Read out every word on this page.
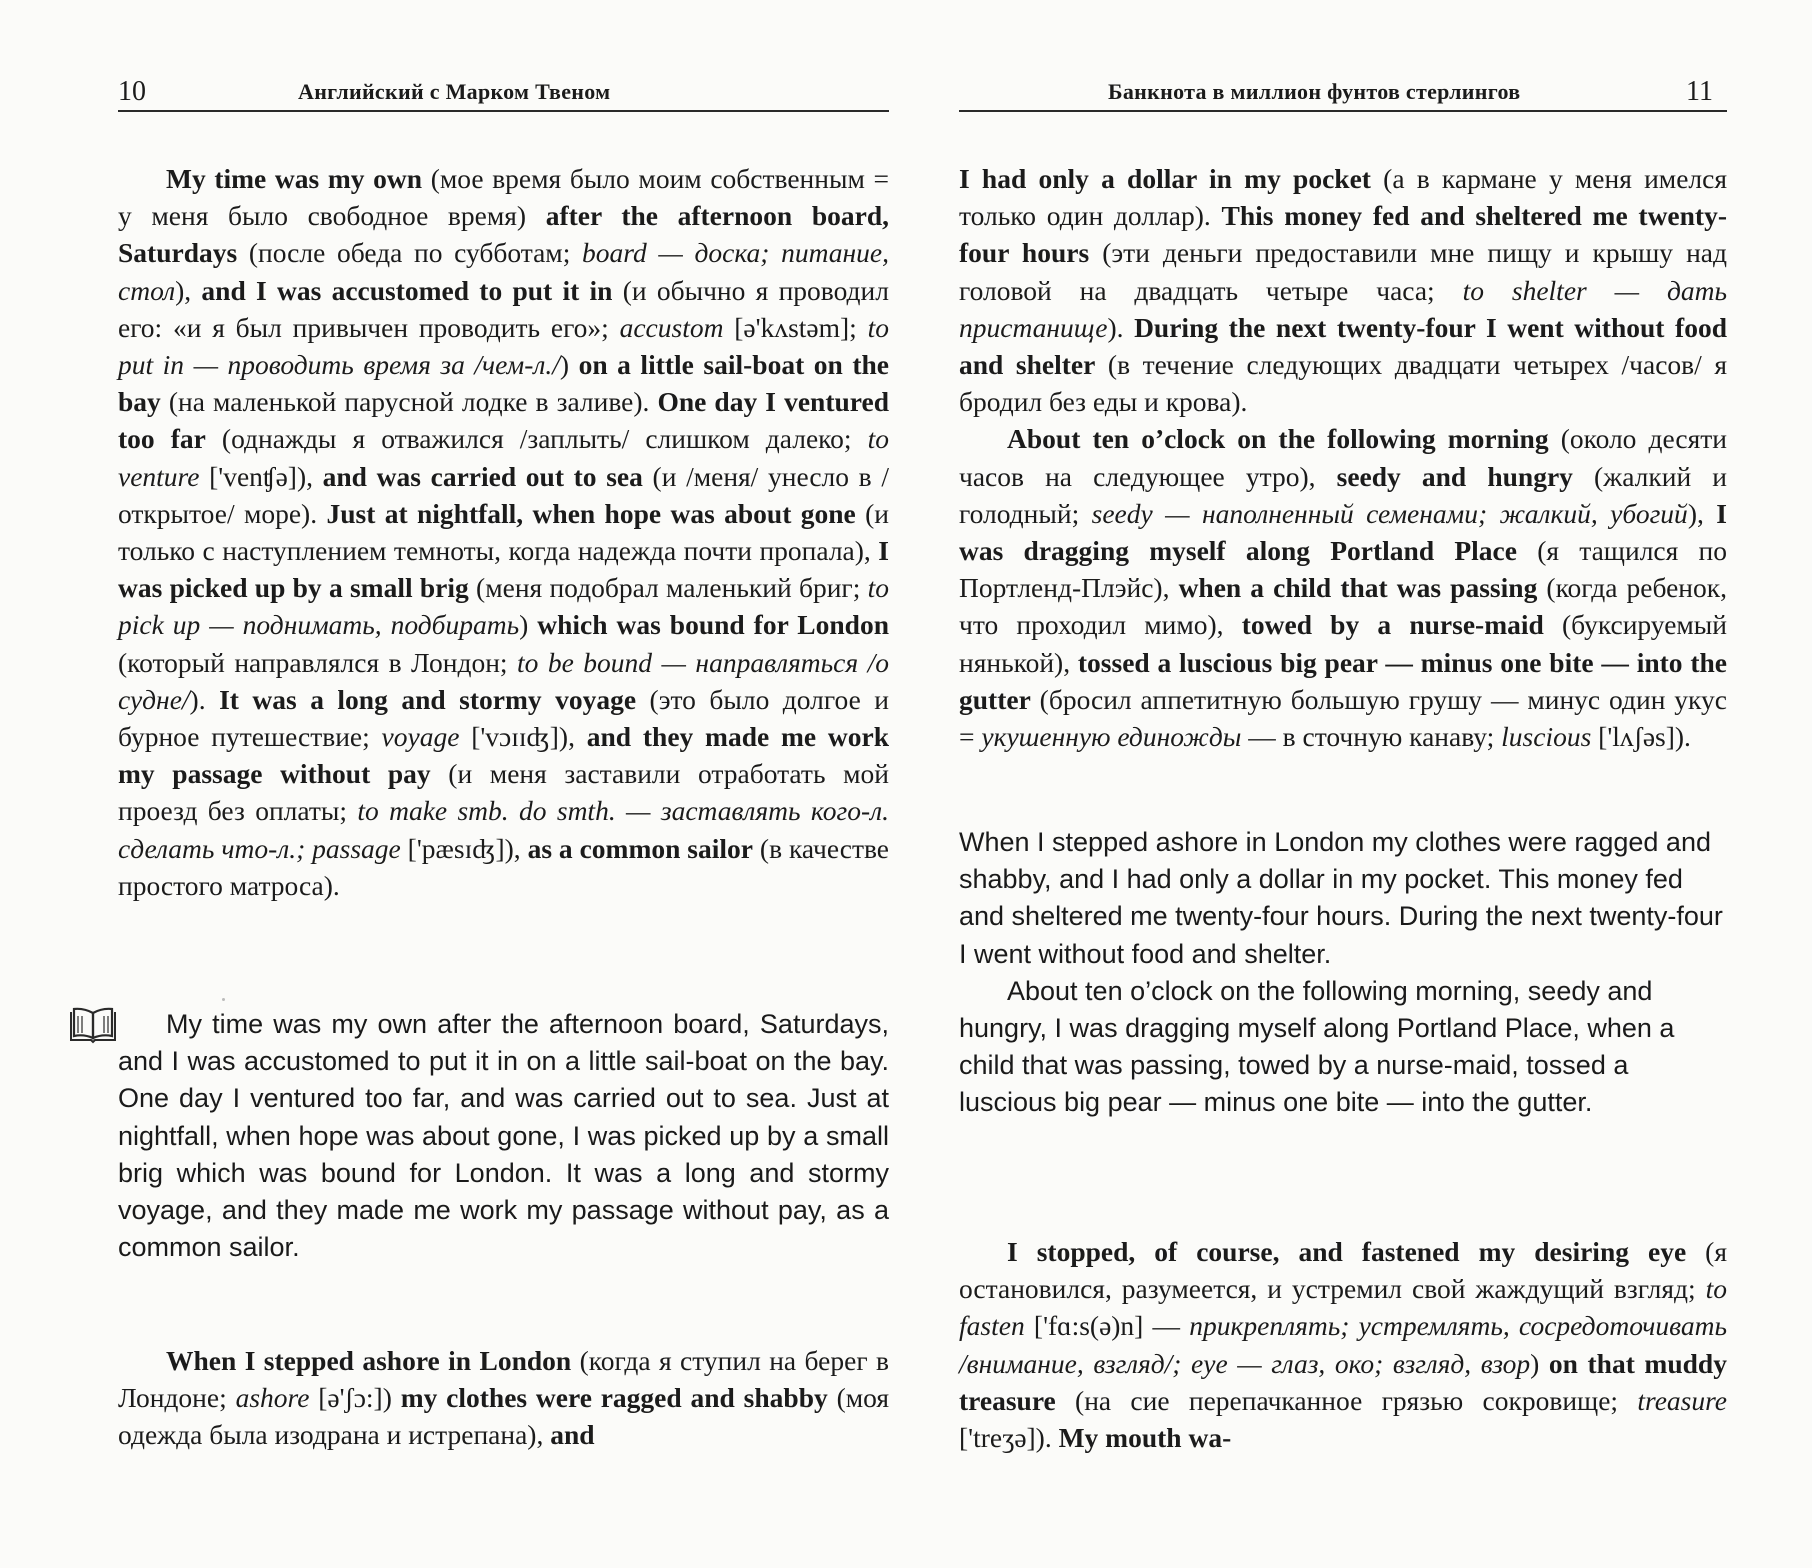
10	Английский с Марком Твеном

My time was my own (мое время было моим собственным = у меня было свободное время) after the afternoon board, Saturdays (после обеда по субботам; board — доска; питание, стол), and I was accustomed to put it in (и обычно я проводил его: «и я был привычен проводить его»; accustom [ə'kʌstəm]; to put in — проводить время за /чем-л./) on a little sail-boat on the bay (на маленькой парусной лодке в заливе). One day I ventured too far (однажды я отважился /заплыть/ слишком далеко; to venture ['venʧə]), and was carried out to sea (и /меня/ унесло в /открытое/ море). Just at nightfall, when hope was about gone (и только с наступлением темноты, когда надежда почти пропала), I was picked up by a small brig (меня подобрал маленький бриг; to pick up — поднимать, подбирать) which was bound for London (который направлялся в Лондон; to be bound — направляться /о судне/). It was a long and stormy voyage (это было долгое и бурное путешествие; voyage ['vɔɪɪʤ]), and they made me work my passage without pay (и меня заставили отработать мой проезд без оплаты; to make smb. do smth. — заставлять кого-л. сделать что-л.; passage ['pæsɪʤ]), as a common sailor (в качестве простого матроса).

My time was my own after the afternoon board, Saturdays, and I was accustomed to put it in on a little sail-boat on the bay. One day I ventured too far, and was carried out to sea. Just at nightfall, when hope was about gone, I was picked up by a small brig which was bound for London. It was a long and stormy voyage, and they made me work my passage without pay, as a common sailor.

When I stepped ashore in London (когда я ступил на берег в Лондоне; ashore [ə'ʃɔ:]) my clothes were ragged and shabby (моя одежда была изодрана и истрепана), and

Банкнота в миллион фунтов стерлингов	11

I had only a dollar in my pocket (а в кармане у меня имелся только один доллар). This money fed and sheltered me twenty-four hours (эти деньги предоставили мне пищу и крышу над головой на двадцать четыре часа; to shelter — дать пристанище). During the next twenty-four I went without food and shelter (в течение следующих двадцати четырех /часов/ я бродил без еды и крова).

About ten o’clock on the following morning (около десяти часов на следующее утро), seedy and hungry (жалкий и голодный; seedy — наполненный семенами; жалкий, убогий), I was dragging myself along Portland Place (я тащился по Портленд-Плэйс), when a child that was passing (когда ребенок, что проходил мимо), towed by a nurse-maid (буксируемый нянькой), tossed a luscious big pear — minus one bite — into the gutter (бросил аппетитную большую грушу — минус один укус = укушенную единожды — в сточную канаву; luscious ['lʌʃəs]).

When I stepped ashore in London my clothes were ragged and shabby, and I had only a dollar in my pocket. This money fed and sheltered me twenty-four hours. During the next twenty-four I went without food and shelter.

About ten o’clock on the following morning, seedy and hungry, I was dragging myself along Portland Place, when a child that was passing, towed by a nurse-maid, tossed a luscious big pear — minus one bite — into the gutter.

I stopped, of course, and fastened my desiring eye (я остановился, разумеется, и устремил свой жаждущий взгляд; to fasten ['fɑ:s(ə)n] — прикреплять; устремлять, сосредоточивать /внимание, взгляд/; eye — глаз, око; взгляд, взор) on that muddy treasure (на сие перепачканное грязью сокровище; treasure ['treʒə]). My mouth wa-
